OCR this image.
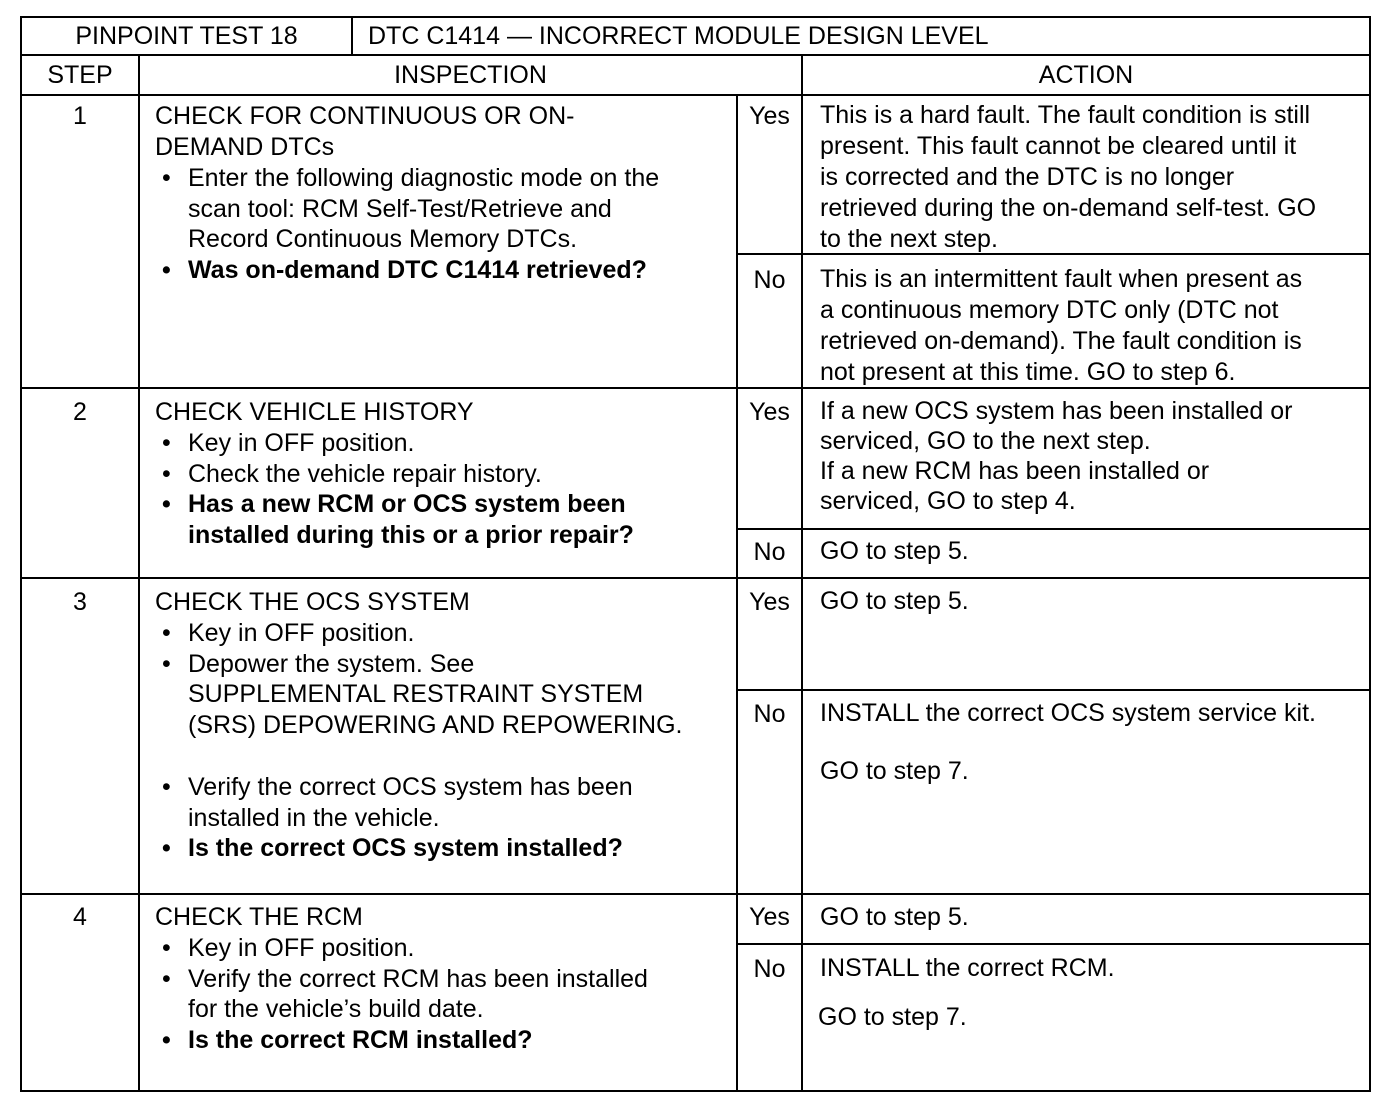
PINPOINT TEST 18	DTC C1414 — INCORRECT MODULE DESIGN LEVEL
STEP	INSPECTION	ACTION
1	CHECK FOR CONTINUOUS OR ON-
DEMAND DTCs
• Enter the following diagnostic mode on the
scan tool: RCM Self-Test/Retrieve and
Record Continuous Memory DTCs.
• Was on-demand DTC C1414 retrieved?
Yes	This is a hard fault. The fault condition is still
present. This fault cannot be cleared until it
is corrected and the DTC is no longer
retrieved during the on-demand self-test. GO
to the next step.
No	This is an intermittent fault when present as
a continuous memory DTC only (DTC not
retrieved on-demand). The fault condition is
not present at this time. GO to step 6.
2	CHECK VEHICLE HISTORY
• Key in OFF position.
• Check the vehicle repair history.
• Has a new RCM or OCS system been
installed during this or a prior repair?
Yes	If a new OCS system has been installed or
serviced, GO to the next step.
If a new RCM has been installed or
serviced, GO to step 4.
No	GO to step 5.
3	CHECK THE OCS SYSTEM
• Key in OFF position.
• Depower the system. See
SUPPLEMENTAL RESTRAINT SYSTEM
(SRS) DEPOWERING AND REPOWERING.
• Verify the correct OCS system has been
installed in the vehicle.
• Is the correct OCS system installed?
Yes	GO to step 5.
No	INSTALL the correct OCS system service kit.
GO to step 7.
4	CHECK THE RCM
• Key in OFF position.
• Verify the correct RCM has been installed
for the vehicle’s build date.
• Is the correct RCM installed?
Yes	GO to step 5.
No	INSTALL the correct RCM.
GO to step 7.
